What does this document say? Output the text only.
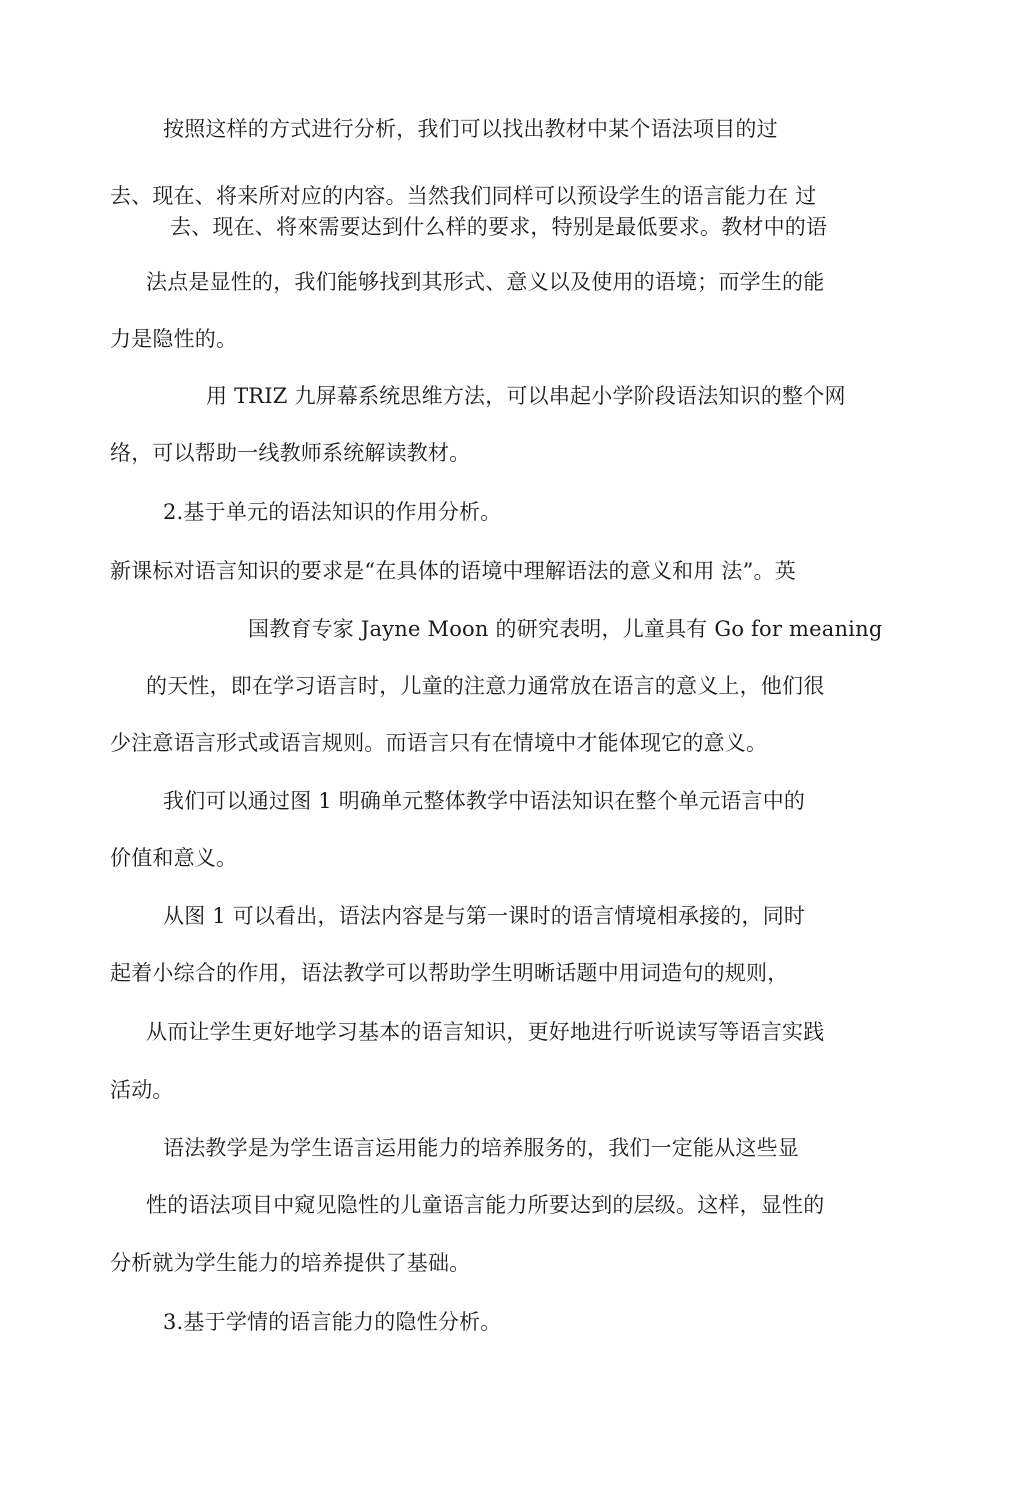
按照这样的方式进行分析，我们可以找出教材中某个语法项目的过
去、现在、将来所对应的内容。当然我们同样可以预设学生的语言能力在 过
去、现在、将來需要达到什么样的要求，特别是最低要求。教材中的语
法点是显性的，我们能够找到其形式、意义以及使用的语境；而学生的能
力是隐性的。
用 TRIZ 九屏幕系统思维方法，可以串起小学阶段语法知识的整个网
络，可以帮助一线教师系统解读教材。
2.基于单元的语法知识的作用分析。
新课标对语言知识的要求是“在具体的语境中理解语法的意义和用 法”。英
国教育专家 Jayne Moon 的研究表明，儿童具有 Go for meaning
的天性，即在学习语言时，儿童的注意力通常放在语言的意义上，他们很
少注意语言形式或语言规则。而语言只有在情境中才能体现它的意义。
我们可以通过图 1 明确单元整体教学中语法知识在整个单元语言中的
价值和意义。
从图 1 可以看出，语法内容是与第一课时的语言情境相承接的，同时
起着小综合的作用，语法教学可以帮助学生明晰话题中用词造句的规则，
从而让学生更好地学习基本的语言知识，更好地进行听说读写等语言实践
活动。
语法教学是为学生语言运用能力的培养服务的，我们一定能从这些显
性的语法项目中窥见隐性的儿童语言能力所要达到的层级。这样，显性的
分析就为学生能力的培养提供了基础。
3.基于学情的语言能力的隐性分析。
